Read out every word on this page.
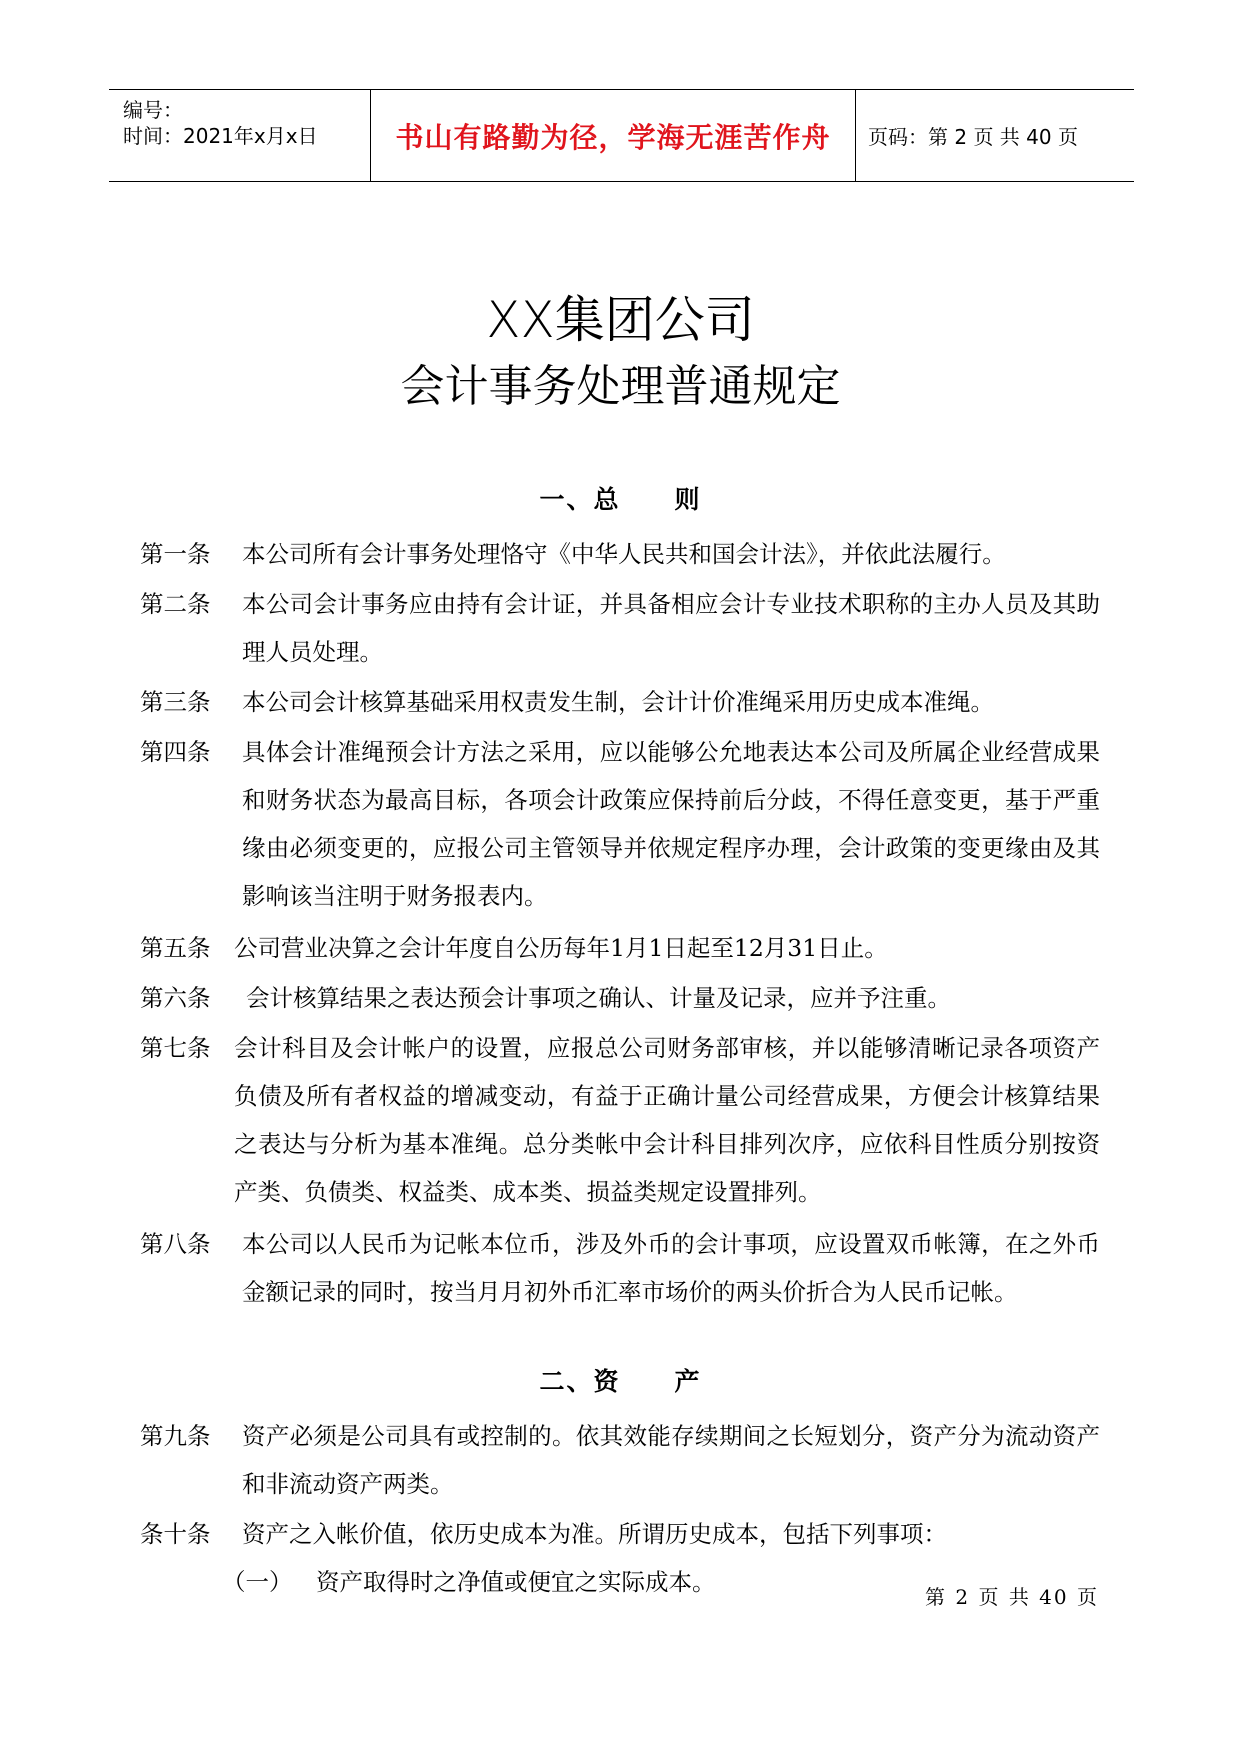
编号：
时间：2021年x月x日	书山有路勤为径，学海无涯苦作舟 页码：第 2 页 共 40 页
XX集团公司
会计事务处理普通规定
一、总　　则
第一条	本公司所有会计事务处理恪守《中华人民共和国会计法》，并依此法履行。
第二条	本公司会计事务应由持有会计证，并具备相应会计专业技术职称的主办人员及其助理人员处理。
第三条	本公司会计核算基础采用权责发生制，会计计价准绳采用历史成本准绳。
第四条	具体会计准绳预会计方法之采用，应以能够公允地表达本公司及所属企业经营成果和财务状态为最高目标，各项会计政策应保持前后分歧，不得任意变更，基于严重缘由必须变更的，应报公司主管领导并依规定程序办理，会计政策的变更缘由及其影响该当注明于财务报表内。
第五条	公司营业决算之会计年度自公历每年1月1日起至12月31日止。
第六条	会计核算结果之表达预会计事项之确认、计量及记录，应并予注重。
第七条	会计科目及会计帐户的设置，应报总公司财务部审核，并以能够清晰记录各项资产负债及所有者权益的增减变动，有益于正确计量公司经营成果，方便会计核算结果之表达与分析为基本准绳。总分类帐中会计科目排列次序，应依科目性质分别按资产类、负债类、权益类、成本类、损益类规定设置排列。
第八条	本公司以人民币为记帐本位币，涉及外币的会计事项，应设置双币帐簿，在之外币金额记录的同时，按当月月初外币汇率市场价的两头价折合为人民币记帐。
二、资　　产
第九条	资产必须是公司具有或控制的。依其效能存续期间之长短划分，资产分为流动资产和非流动资产两类。
条十条	资产之入帐价值，依历史成本为准。所谓历史成本，包括下列事项：
（一） 资产取得时之净值或便宜之实际成本。
第 2 页 共 40 页
